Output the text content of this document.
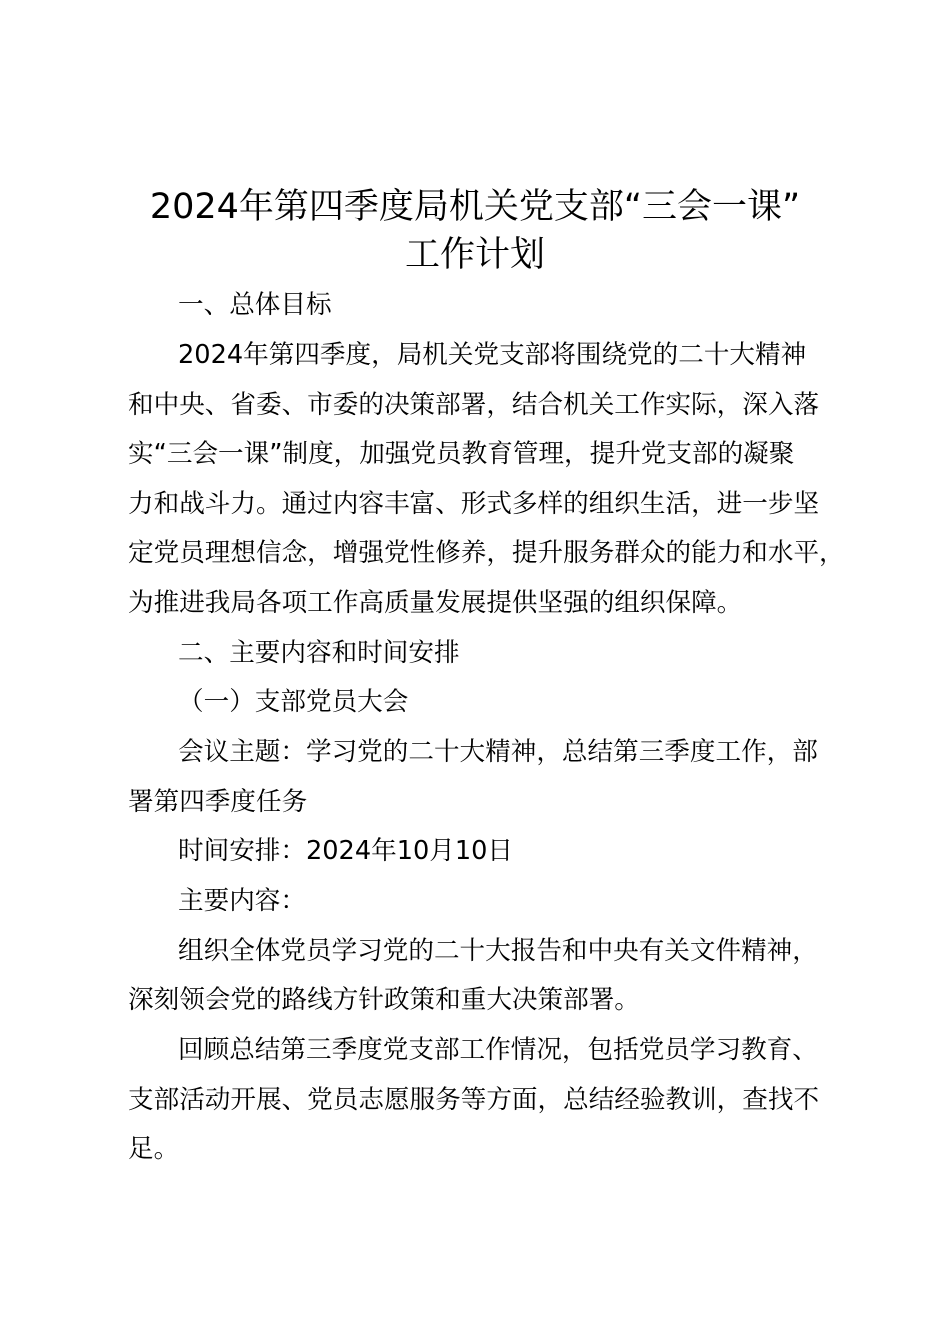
2024年第四季度局机关党支部“三会一课”
工作计划
一、总体目标
2024年第四季度，局机关党支部将围绕党的二十大精神
和中央、省委、市委的决策部署，结合机关工作实际，深入落
实“三会一课”制度，加强党员教育管理，提升党支部的凝聚
力和战斗力。通过内容丰富、形式多样的组织生活，进一步坚
定党员理想信念，增强党性修养，提升服务群众的能力和水平，
为推进我局各项工作高质量发展提供坚强的组织保障。
二、主要内容和时间安排
（一）支部党员大会
会议主题：学习党的二十大精神，总结第三季度工作，部
署第四季度任务
时间安排：2024年10月10日
主要内容：
组织全体党员学习党的二十大报告和中央有关文件精神，
深刻领会党的路线方针政策和重大决策部署。
回顾总结第三季度党支部工作情况，包括党员学习教育、
支部活动开展、党员志愿服务等方面，总结经验教训，查找不
足。
